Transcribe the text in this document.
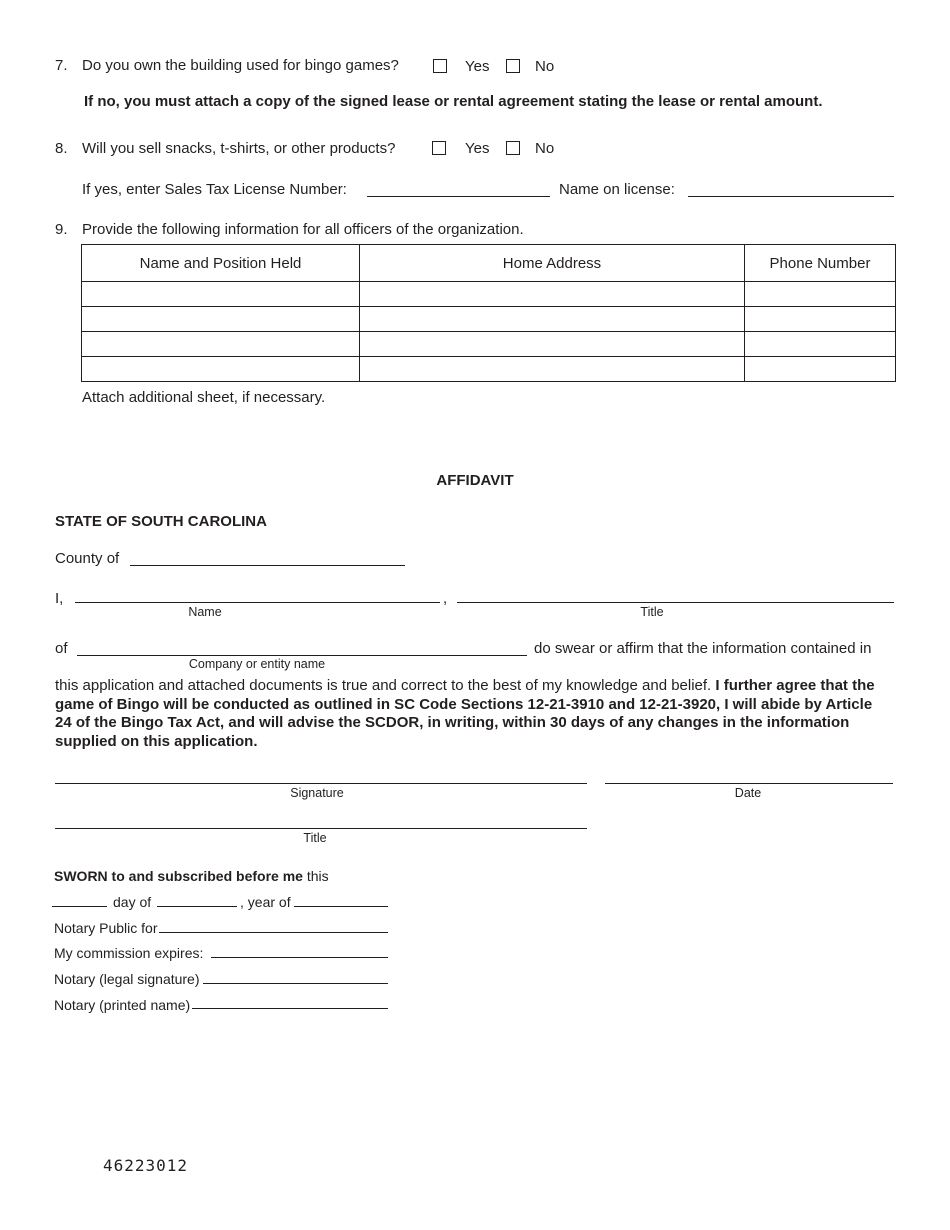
7. Do you own the building used for bingo games?	Yes	No
If no, you must attach a copy of the signed lease or rental agreement stating the lease or rental amount.
8. Will you sell snacks, t-shirts, or other products?	Yes	No
If yes, enter Sales Tax License Number:	Name on license:
9. Provide the following information for all officers of the organization.
Name and Position Held	Home Address	Phone Number

Attach additional sheet, if necessary.
AFFIDAVIT
STATE OF SOUTH CAROLINA
County of
I,	,
Name	Title
of	do swear or affirm that the information contained in
Company or entity name
this application and attached documents is true and correct to the best of my knowledge and belief. I further agree that the game of Bingo will be conducted as outlined in SC Code Sections 12-21-3910 and 12-21-3920, I will abide by Article 24 of the Bingo Tax Act, and will advise the SCDOR, in writing, within 30 days of any changes in the information supplied on this application.
Signature	Date
Title
SWORN to and subscribed before me this
day of	, year of
Notary Public for
My commission expires:
Notary (legal signature)
Notary (printed name)
46223012
